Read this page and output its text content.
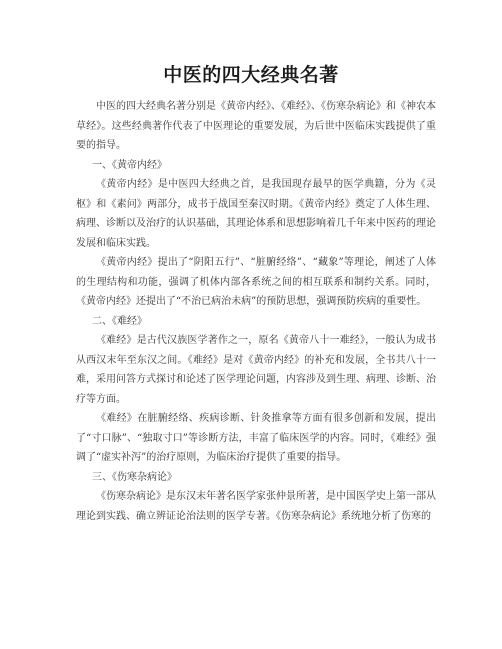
中医的四大经典名著

中医的四大经典名著分别是《黄帝内经》、《难经》、《伤寒杂病论》和《神农本草经》。这些经典著作代表了中医理论的重要发展，为后世中医临床实践提供了重要的指导。

一、《黄帝内经》

《黄帝内经》是中医四大经典之首，是我国现存最早的医学典籍，分为《灵枢》和《素问》两部分，成书于战国至秦汉时期。《黄帝内经》奠定了人体生理、病理、诊断以及治疗的认识基础，其理论体系和思想影响着几千年来中医药的理论发展和临床实践。

《黄帝内经》提出了“阴阳五行”、“脏腑经络”、“藏象”等理论，阐述了人体的生理结构和功能，强调了机体内部各系统之间的相互联系和制约关系。同时，《黄帝内经》还提出了“不治已病治未病”的预防思想，强调预防疾病的重要性。

二、《难经》

《难经》是古代汉族医学著作之一，原名《黄帝八十一难经》，一般认为成书从西汉末年至东汉之间。《难经》是对《黄帝内经》的补充和发展，全书共八十一难，采用问答方式探讨和论述了医学理论问题，内容涉及到生理、病理、诊断、治疗等方面。

《难经》在脏腑经络、疾病诊断、针灸推拿等方面有很多创新和发展，提出了“寸口脉”、“独取寸口”等诊断方法，丰富了临床医学的内容。同时，《难经》强调了“虚实补泻”的治疗原则，为临床治疗提供了重要的指导。

三、《伤寒杂病论》

《伤寒杂病论》是东汉末年著名医学家张仲景所著，是中国医学史上第一部从理论到实践、确立辨证论治法则的医学专著。《伤寒杂病论》系统地分析了伤寒的
